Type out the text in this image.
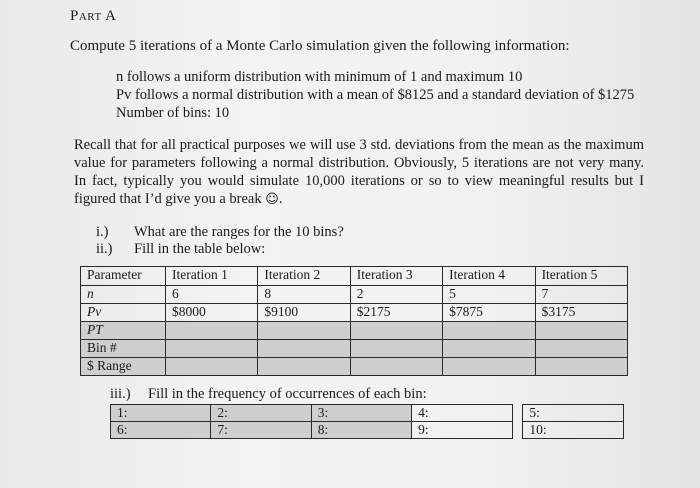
Part A
Compute 5 iterations of a Monte Carlo simulation given the following information:
n follows a uniform distribution with minimum of 1 and maximum 10
Pv follows a normal distribution with a mean of $8125 and a standard deviation of $1275
Number of bins: 10
Recall that for all practical purposes we will use 3 std. deviations from the mean as the maximum value for parameters following a normal distribution. Obviously, 5 iterations are not very many. In fact, typically you would simulate 10,000 iterations or so to view meaningful results but I figured that I’d give you a break ☺.
i.) What are the ranges for the 10 bins?
ii.) Fill in the table below:
Parameter	Iteration 1	Iteration 2	Iteration 3	Iteration 4	Iteration 5
n	6	8	2	5	7
Pv	$8000	$9100	$2175	$7875	$3175
PT					
Bin #					
$ Range					
iii.) Fill in the frequency of occurrences of each bin:
1:	2:	3:	4:		5:
6:	7:	8:	9:		10:
